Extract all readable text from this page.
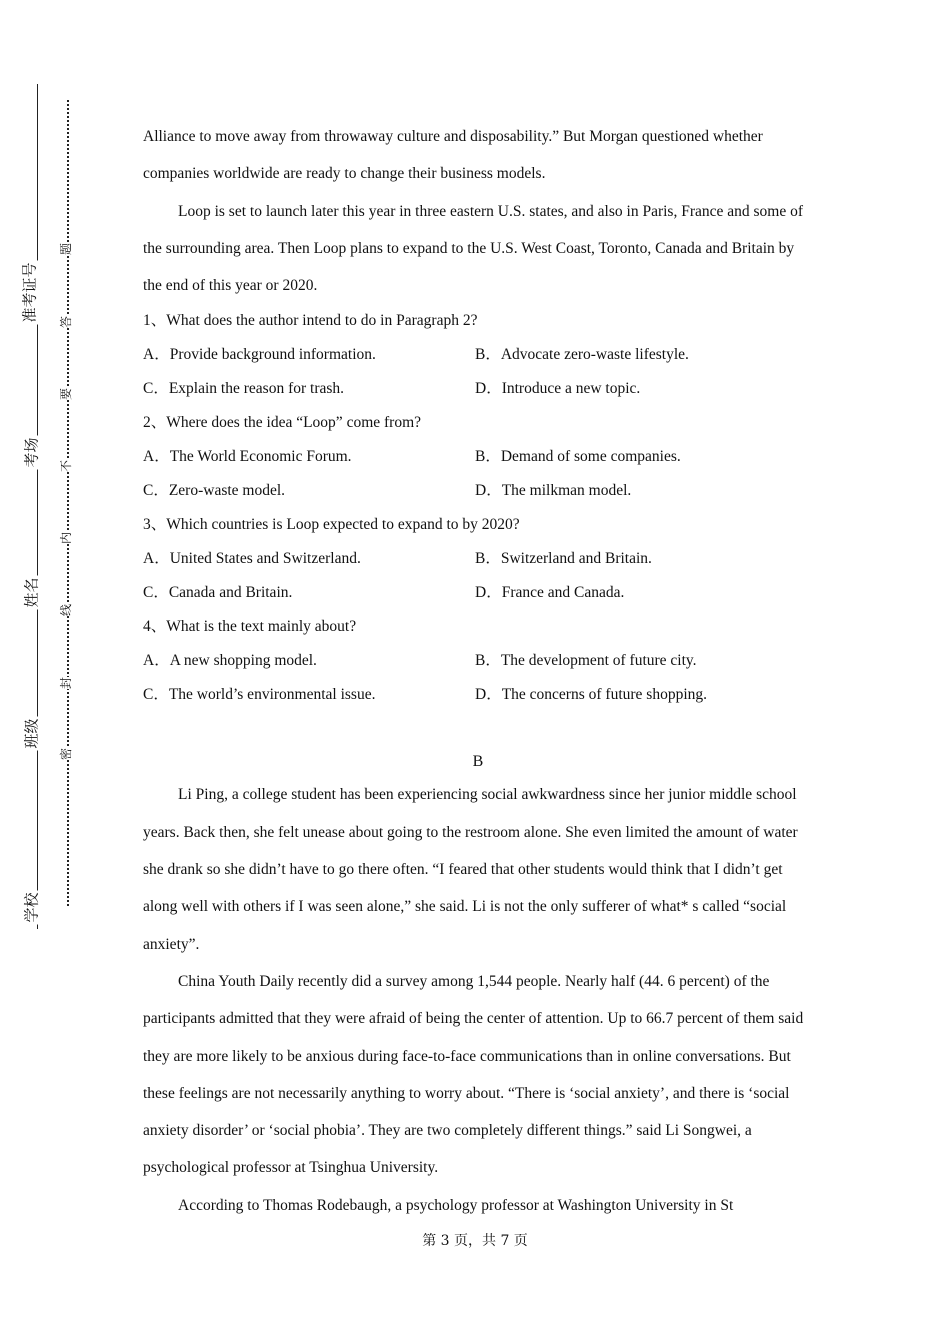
准考证号
考场
姓名
班级
学校
题
答
要
不
内
线
封
密

Alliance to move away from throwaway culture and disposability.” But Morgan questioned whether companies worldwide are ready to change their business models.

Loop is set to launch later this year in three eastern U.S. states, and also in Paris, France and some of the surrounding area. Then Loop plans to expand to the U.S. West Coast, Toronto, Canada and Britain by the end of this year or 2020.

1、What does the author intend to do in Paragraph 2?

A．Provide background information.	B．Advocate zero-waste lifestyle.

C．Explain the reason for trash.	D．Introduce a new topic.

2、Where does the idea “Loop” come from?

A．The World Economic Forum.	B．Demand of some companies.

C．Zero-waste model.	D．The milkman model.

3、Which countries is Loop expected to expand to by 2020?

A．United States and Switzerland.	B．Switzerland and Britain.

C．Canada and Britain.	D．France and Canada.

4、What is the text mainly about?

A．A new shopping model.	B．The development of future city.

C．The world’s environmental issue.	D．The concerns of future shopping.

B

Li Ping, a college student has been experiencing social awkwardness since her junior middle school years. Back then, she felt unease about going to the restroom alone. She even limited the amount of water she drank so she didn’t have to go there often. “I feared that other students would think that I didn’t get along well with others if I was seen alone,” she said. Li is not the only sufferer of what* s called “social anxiety”.

China Youth Daily recently did a survey among 1,544 people. Nearly half (44. 6 percent) of the participants admitted that they were afraid of being the center of attention. Up to 66.7 percent of them said they are more likely to be anxious during face-to-face communications than in online conversations. But these feelings are not necessarily anything to worry about. “There is ‘social anxiety’, and there is ‘social anxiety disorder’ or ‘social phobia’. They are two completely different things.” said Li Songwei, a psychological professor at Tsinghua University.

According to Thomas Rodebaugh, a psychology professor at Washington University in St

第 3 页，共 7 页
